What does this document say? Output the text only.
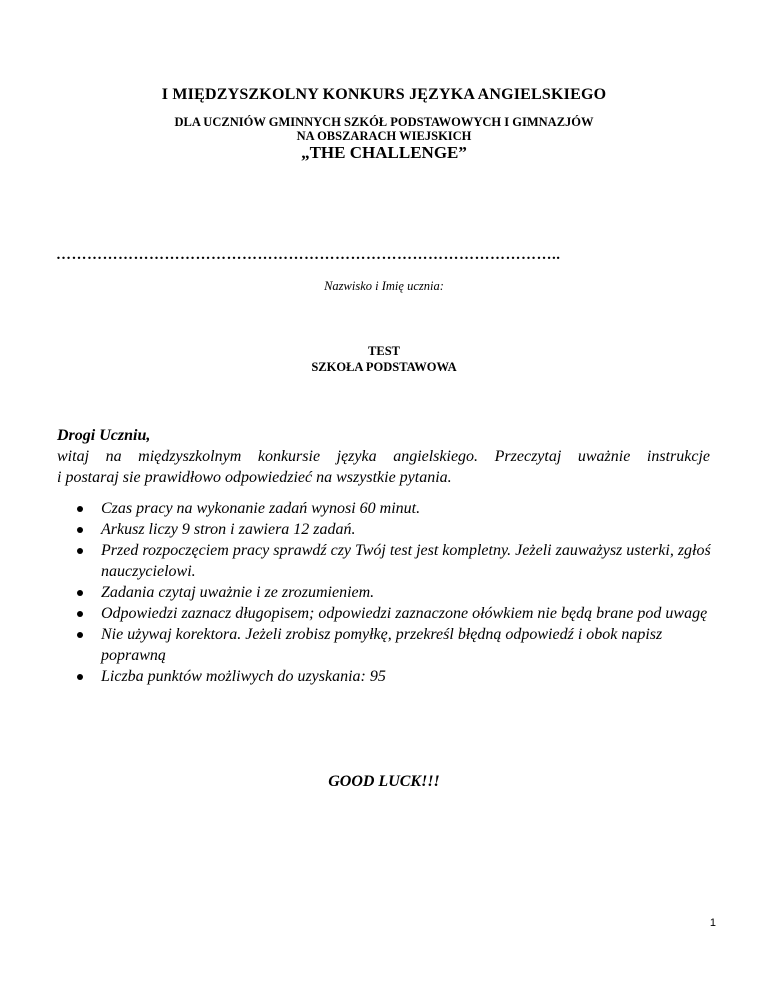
I MIĘDZYSZKOLNY KONKURS JĘZYKA ANGIELSKIEGO
DLA UCZNIÓW GMINNYCH SZKÓŁ PODSTAWOWYCH I GIMNAZJÓW
NA OBSZARACH WIEJSKICH
„THE CHALLENGE”
……………………………………………………………………………………..
Nazwisko i Imię ucznia:
TEST
SZKOŁA PODSTAWOWA
Drogi Uczniu,
witaj na międzyszkolnym konkursie języka angielskiego. Przeczytaj uważnie instrukcje
i postaraj sie prawidłowo odpowiedzieć na wszystkie pytania.
Czas pracy na wykonanie zadań wynosi 60 minut.
Arkusz liczy 9 stron i zawiera 12 zadań.
Przed rozpoczęciem pracy sprawdź czy Twój test jest kompletny. Jeżeli zauważysz usterki, zgłoś nauczycielowi.
Zadania czytaj uważnie i ze zrozumieniem.
Odpowiedzi zaznacz długopisem; odpowiedzi zaznaczone ołówkiem nie będą brane pod uwagę
Nie używaj korektora. Jeżeli zrobisz pomyłkę, przekreśl błędną odpowiedź i obok napisz poprawną
Liczba punktów możliwych do uzyskania: 95
GOOD LUCK!!!
1
